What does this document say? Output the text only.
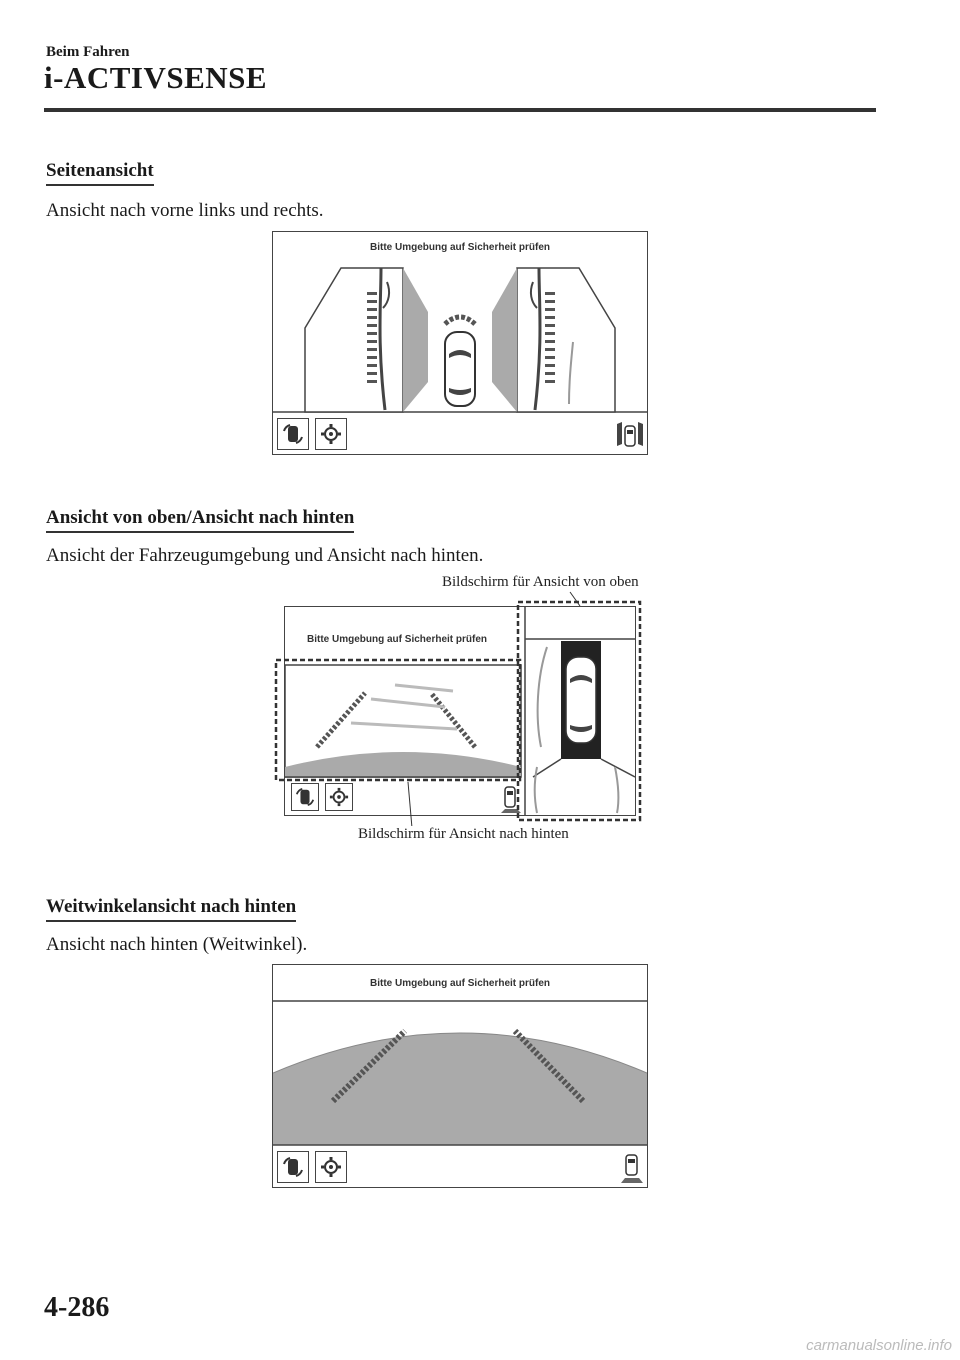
Beim Fahren
i-ACTIVSENSE
Seitenansicht
Ansicht nach vorne links und rechts.
Bitte Umgebung auf Sicherheit prüfen
Ansicht von oben/Ansicht nach hinten
Ansicht der Fahrzeugumgebung und Ansicht nach hinten.
Bildschirm für Ansicht von oben
Bitte Umgebung auf Sicherheit prüfen
Bildschirm für Ansicht nach hinten
Weitwinkelansicht nach hinten
Ansicht nach hinten (Weitwinkel).
Bitte Umgebung auf Sicherheit prüfen
4-286
carmanualsonline.info
